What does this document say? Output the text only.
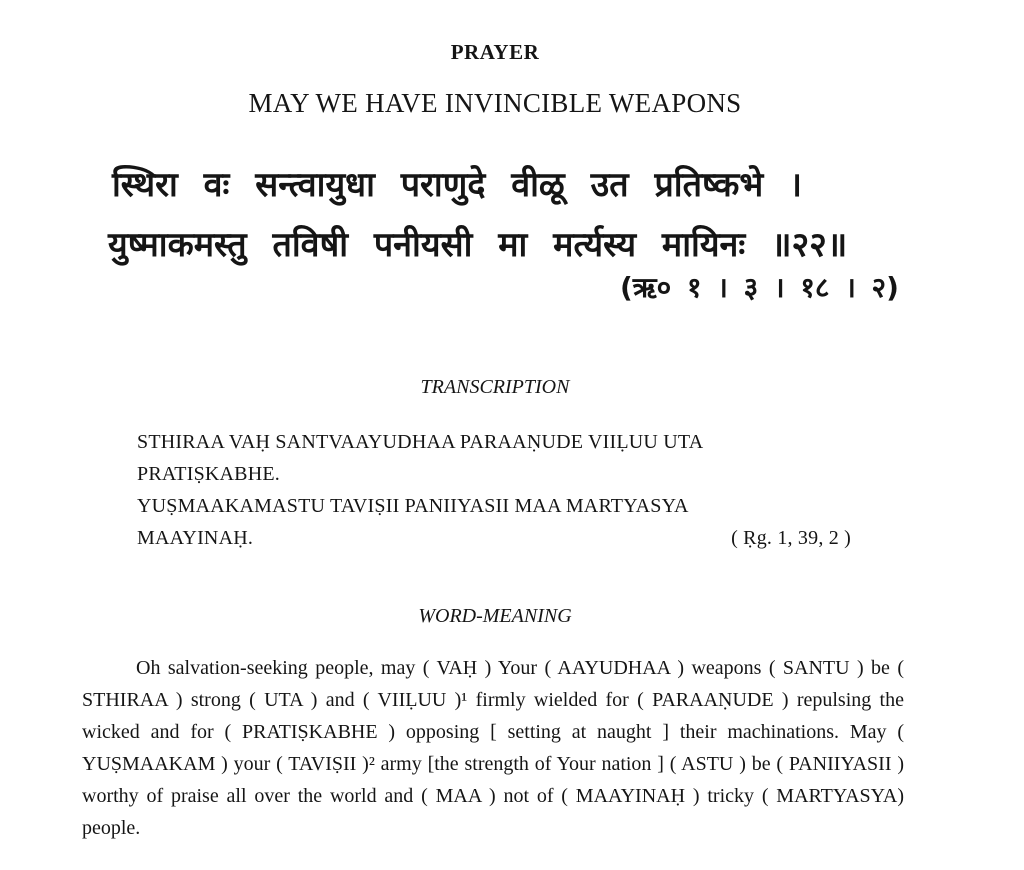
PRAYER
MAY WE HAVE INVINCIBLE WEAPONS
स्थिरा वः सन्त्वायुधा पराणुदे वीळू उत प्रतिष्कभे ।
युष्माकमस्तु तविषी पनीयसी मा मर्त्यस्य मायिनः ॥२२॥
(ऋ० १ । ३ । १८ । २)
TRANSCRIPTION
STHIRAA VAḤ SANTVAAYUDHAA PARAAṆUDE VIIḶUU UTA
PRATIṢKABHE.
YUṢMAAKAMASTU TAVIṢII PANIIYASII MAA MARTYASYA
MAAYINAḤ.	( Ṛg. 1, 39, 2 )
WORD-MEANING

Oh salvation-seeking people, may ( VAḤ ) Your ( AAYUDHAA ) weapons ( SANTU ) be ( STHIRAA ) strong ( UTA ) and ( VIIḶUU )¹ firmly wielded for ( PARAAṆUDE ) repulsing the wicked and for ( PRATIṢKABHE ) opposing [ setting at naught ] their machinations. May ( YUṢMAAKAM ) your ( TAVIṢII )² army [the strength of Your nation ] ( ASTU ) be ( PANIIYASII ) worthy of praise all over the world and ( MAA ) not of ( MAAYINAḤ ) tricky ( MARTYASYA) people.
